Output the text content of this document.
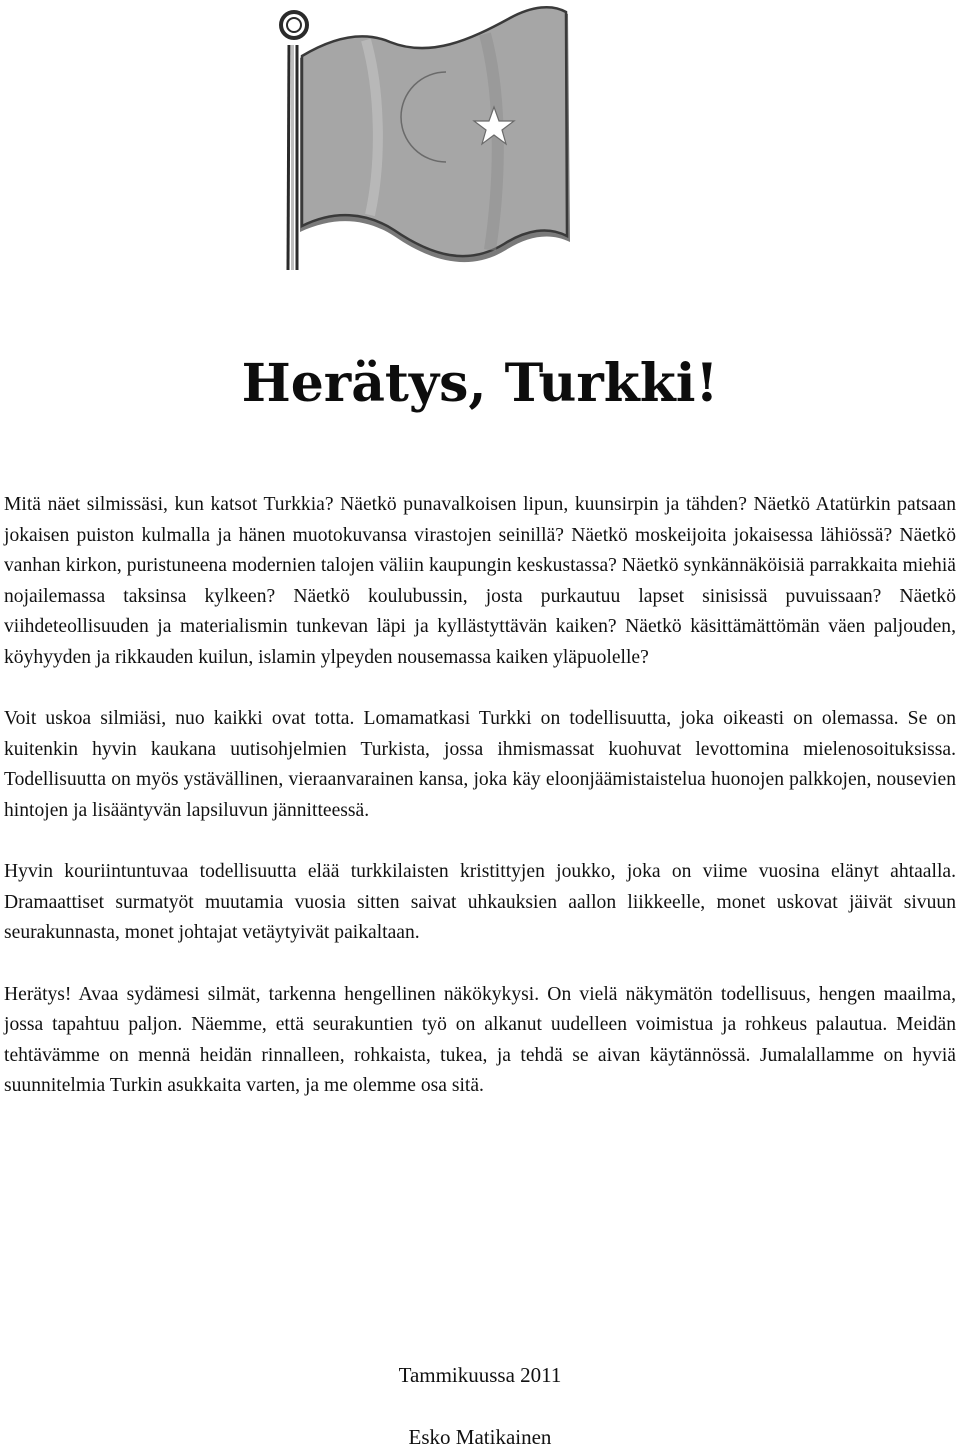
Herätys, Turkki!

Mitä näet silmissäsi, kun katsot Turkkia? Näetkö punavalkoisen lipun, kuunsirpin ja tähden? Näetkö Atatürkin patsaan jokaisen puiston kulmalla ja hänen muotokuvansa virastojen seinillä? Näetkö moskeijoita jokaisessa lähiössä? Näetkö vanhan kirkon, puristuneena modernien talojen väliin kaupungin keskustassa? Näetkö synkännäköisiä parrakkaita miehiä nojailemassa taksinsa kylkeen? Näetkö koulubussin, josta purkautuu lapset sinisissä puvuissaan? Näetkö viihdeteollisuuden ja materialismin tunkevan läpi ja kyllästyttävän kaiken? Näetkö käsittämättömän väen paljouden, köyhyyden ja rikkauden kuilun, islamin ylpeyden nousemassa kaiken yläpuolelle?

Voit uskoa silmiäsi, nuo kaikki ovat totta. Lomamatkasi Turkki on todellisuutta, joka oikeasti on olemassa. Se on kuitenkin hyvin kaukana uutisohjelmien Turkista, jossa ihmismassat kuohuvat levottomina mielenosoituksissa. Todellisuutta on myös ystävällinen, vieraanvarainen kansa, joka käy eloonjäämistaistelua huonojen palkkojen, nousevien hintojen ja lisääntyvän lapsiluvun jännitteessä.

Hyvin kouriintuntuvaa todellisuutta elää turkkilaisten kristittyjen joukko, joka on viime vuosina elänyt ahtaalla. Dramaattiset surmatyöt muutamia vuosia sitten saivat uhkauksien aallon liikkeelle, monet uskovat jäivät sivuun seurakunnasta, monet johtajat vetäytyivät paikaltaan.

Herätys! Avaa sydämesi silmät, tarkenna hengellinen näkökykysi. On vielä näkymätön todellisuus, hengen maailma, jossa tapahtuu paljon. Näemme, että seurakuntien työ on alkanut uudelleen voimistua ja rohkeus palautua. Meidän tehtävämme on mennä heidän rinnalleen, rohkaista, tukea, ja tehdä se aivan käytännössä. Jumalallamme on hyviä suunnitelmia Turkin asukkaita varten, ja me olemme osa sitä.

Tammikuussa 2011
Esko Matikainen
